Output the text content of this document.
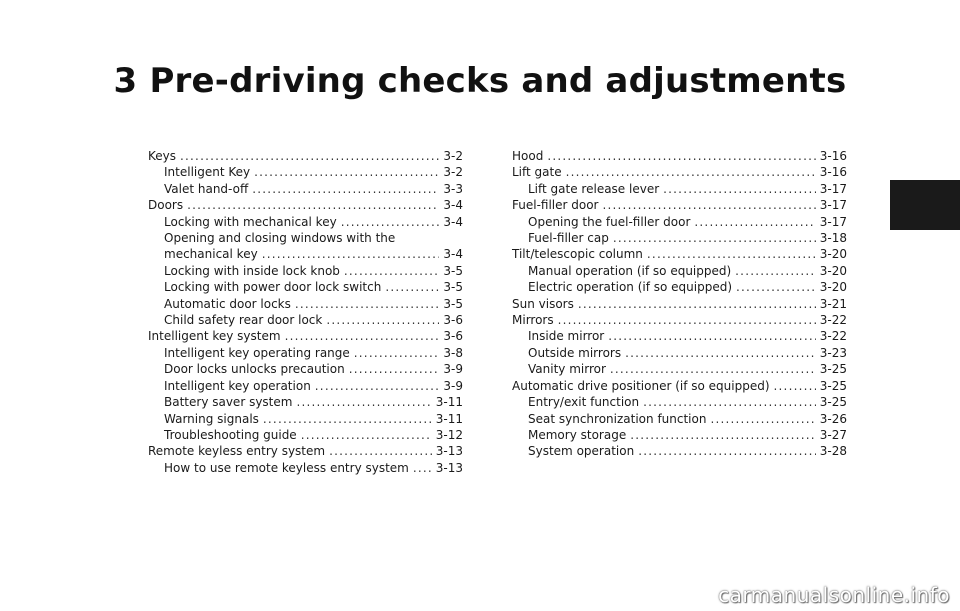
3 Pre-driving checks and adjustments
Keys .....	3-2
Intelligent Key .....	3-2
Valet hand-off .....	3-3
Doors .....	3-4
Locking with mechanical key .....	3-4
Opening and closing windows with the
mechanical key .....	3-4
Locking with inside lock knob .....	3-5
Locking with power door lock switch .....	3-5
Automatic door locks .....	3-5
Child safety rear door lock .....	3-6
Intelligent key system .....	3-6
Intelligent key operating range .....	3-8
Door locks unlocks precaution .....	3-9
Intelligent key operation .....	3-9
Battery saver system .....	3-11
Warning signals .....	3-11
Troubleshooting guide .....	3-12
Remote keyless entry system .....	3-13
How to use remote keyless entry system ..... 3-13
Hood .....	3-16
Lift gate .....	3-16
Lift gate release lever .....	3-17
Fuel-filler door .....	3-17
Opening the fuel-filler door .....	3-17
Fuel-filler cap .....	3-18
Tilt/telescopic column .....	3-20
Manual operation (if so equipped) .....	3-20
Electric operation (if so equipped) .....	3-20
Sun visors .....	3-21
Mirrors .....	3-22
Inside mirror .....	3-22
Outside mirrors .....	3-23
Vanity mirror .....	3-25
Automatic drive positioner (if so equipped) .....	3-25
Entry/exit function .....	3-25
Seat synchronization function .....	3-26
Memory storage .....	3-27
System operation .....	3-28
carmanualsonline.info
